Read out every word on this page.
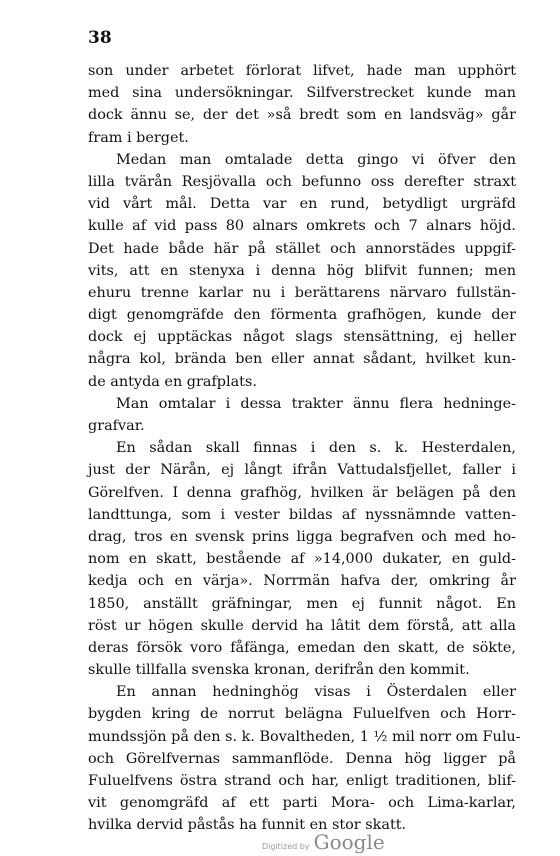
38
son under arbetet förlorat lifvet, hade man upphört
med sina undersökningar. Silfverstrecket kunde man
dock ännu se, der det »så bredt som en landsväg» går
fram i berget.
Medan man omtalade detta gingo vi öfver den
lilla tvärån Resjövalla och befunno oss derefter straxt
vid vårt mål. Detta var en rund, betydligt urgräfd
kulle af vid pass 80 alnars omkrets och 7 alnars höjd.
Det hade både här på stället och annorstädes uppgif-
vits, att en stenyxa i denna hög blifvit funnen; men
ehuru trenne karlar nu i berättarens närvaro fullstän-
digt genomgräfde den förmenta grafhögen, kunde der
dock ej upptäckas något slags stensättning, ej heller
några kol, brända ben eller annat sådant, hvilket kun-
de antyda en grafplats.
Man omtalar i dessa trakter ännu flera hedninge-
grafvar.
En sådan skall finnas i den s. k. Hesterdalen,
just der Närån, ej långt ifrån Vattudalsfjellet, faller i
Görelfven. I denna grafhög, hvilken är belägen på den
landttunga, som i vester bildas af nyssnämnde vatten-
drag, tros en svensk prins ligga begrafven och med ho-
nom en skatt, bestående af »14,000 dukater, en guld-
kedja och en värja». Norrmän hafva der, omkring år
1850, anställt gräfningar, men ej funnit något. En
röst ur högen skulle dervid ha lâtit dem förstå, att alla
deras försök voro fåfänga, emedan den skatt, de sökte,
skulle tillfalla svenska kronan, derifrån den kommit.
En annan hedninghög visas i Österdalen eller
bygden kring de norrut belägna Fuluelfven och Horr-
mundssjön på den s. k. Bovaltheden, 1 ½ mil norr om Fulu-
och Görelfvernas sammanflöde. Denna hög ligger på
Fuluelfvens östra strand och har, enligt traditionen, blif-
vit genomgräfd af ett parti Mora- och Lima-karlar,
hvilka dervid påstås ha funnit en stor skatt.
Digitized by Google
